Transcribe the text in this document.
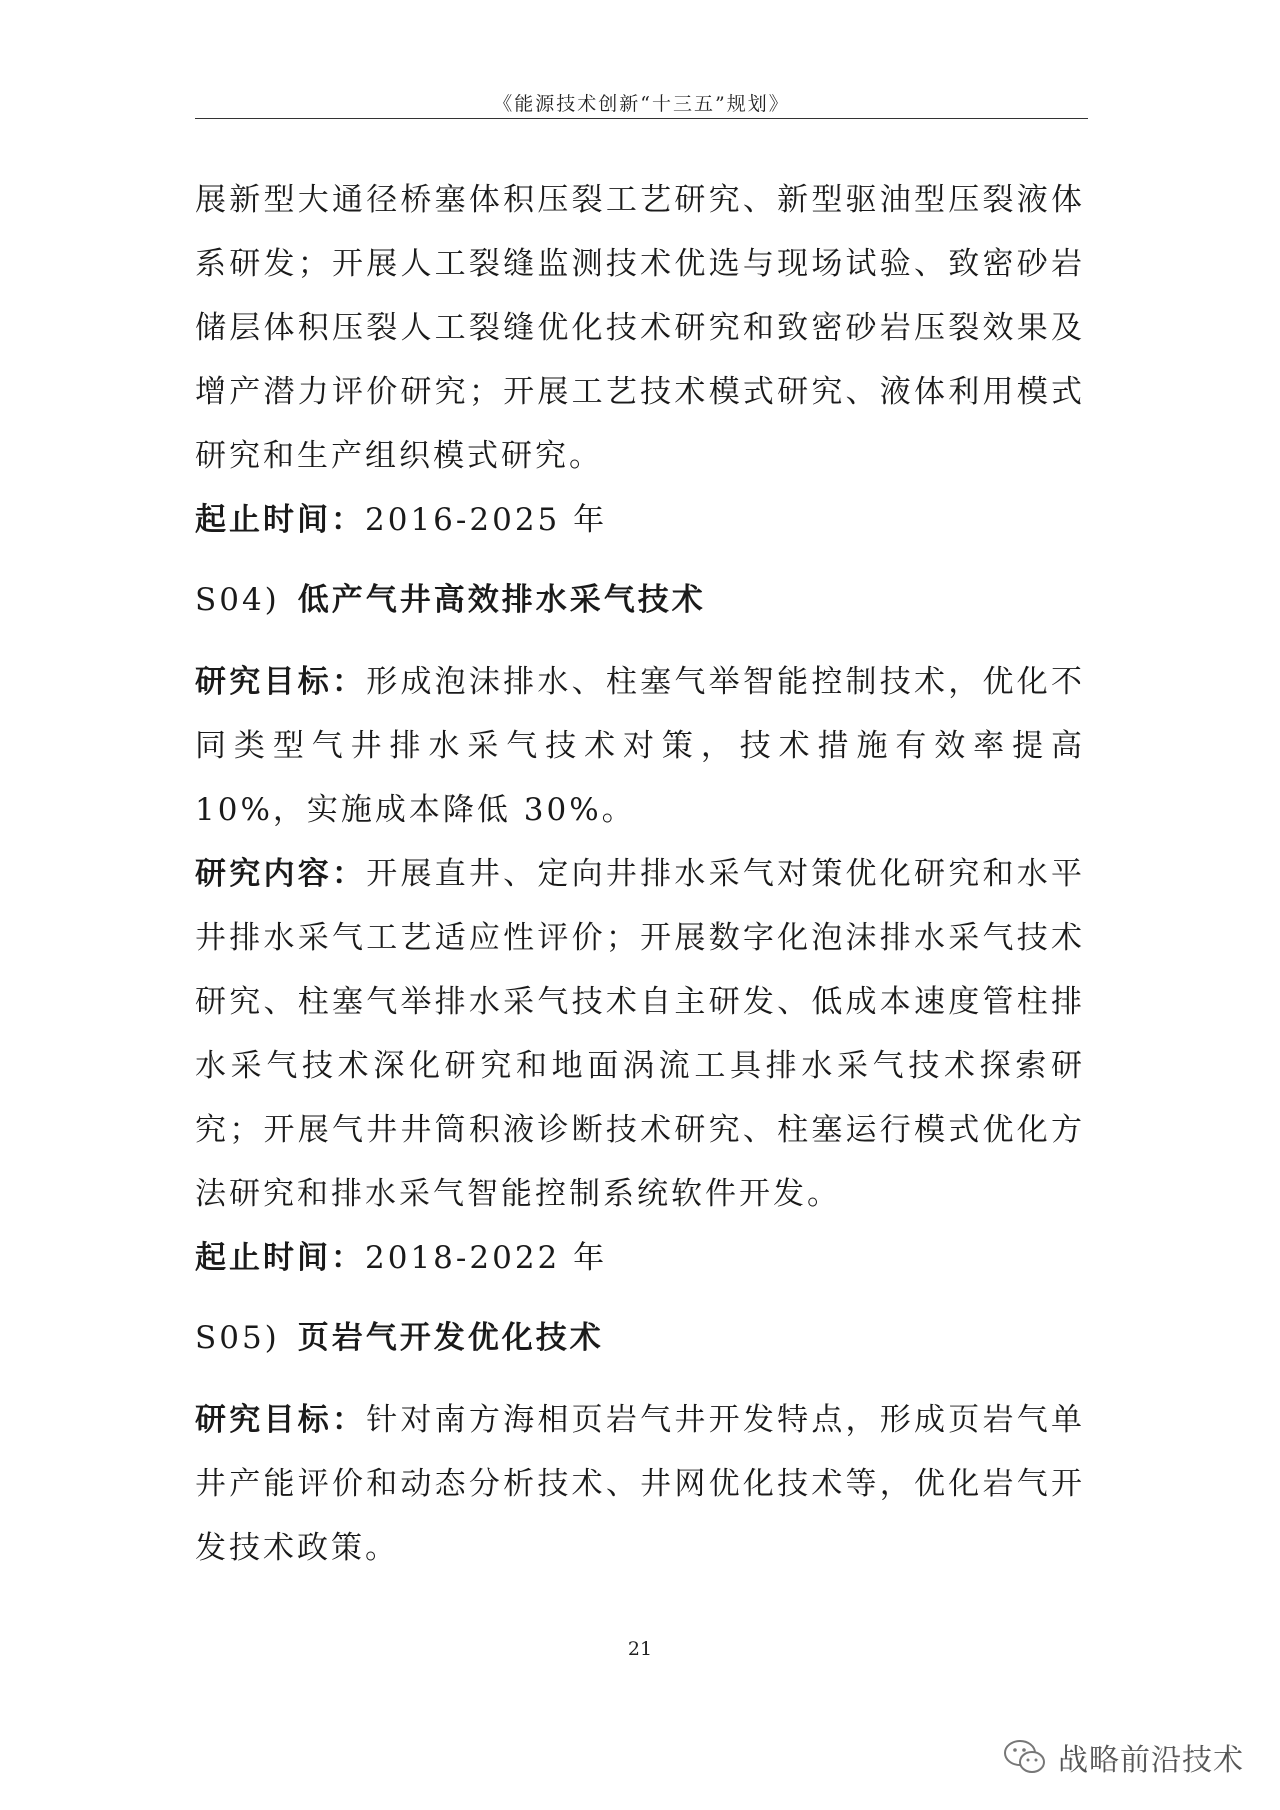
《能源技术创新“十三五”规划》

展新型大通径桥塞体积压裂工艺研究、新型驱油型压裂液体系研发；开展人工裂缝监测技术优选与现场试验、致密砂岩储层体积压裂人工裂缝优化技术研究和致密砂岩压裂效果及增产潜力评价研究；开展工艺技术模式研究、液体利用模式研究和生产组织模式研究。

起止时间：2016-2025 年

S04) 低产气井高效排水采气技术

研究目标：形成泡沫排水、柱塞气举智能控制技术，优化不同类型气井排水采气技术对策，技术措施有效率提高 10%，实施成本降低 30%。

研究内容：开展直井、定向井排水采气对策优化研究和水平井排水采气工艺适应性评价；开展数字化泡沫排水采气技术研究、柱塞气举排水采气技术自主研发、低成本速度管柱排水采气技术深化研究和地面涡流工具排水采气技术探索研究；开展气井井筒积液诊断技术研究、柱塞运行模式优化方法研究和排水采气智能控制系统软件开发。

起止时间：2018-2022 年

S05) 页岩气开发优化技术

研究目标：针对南方海相页岩气井开发特点，形成页岩气单井产能评价和动态分析技术、井网优化技术等，优化岩气开发技术政策。

21
战略前沿技术
